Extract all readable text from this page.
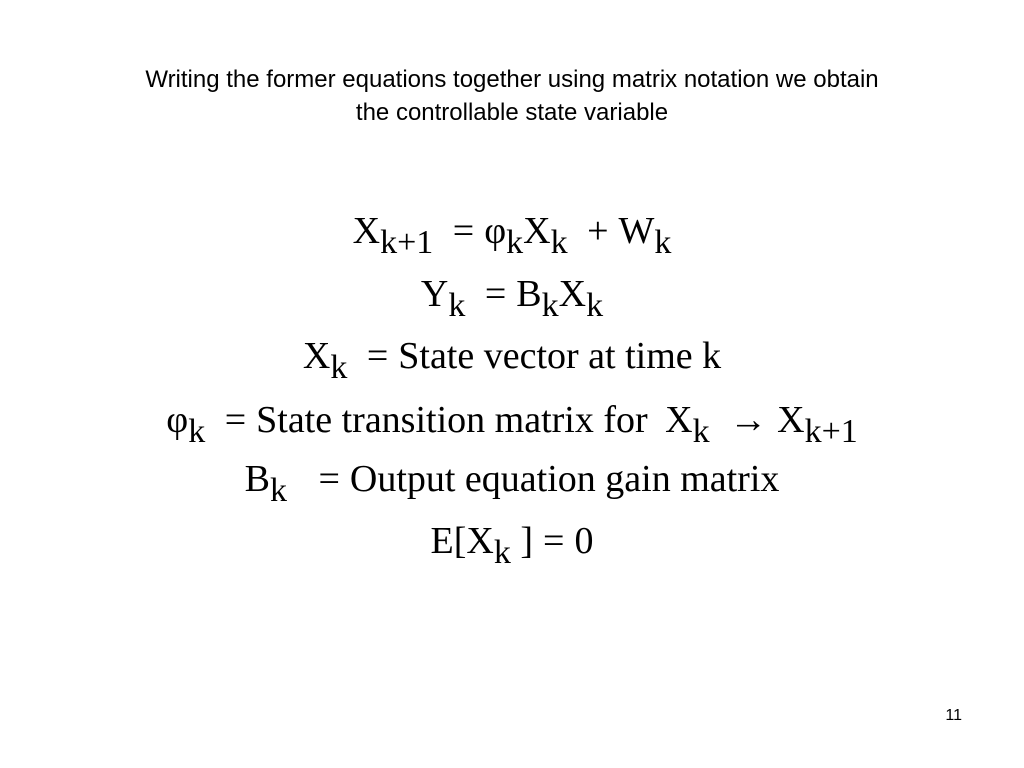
Writing the former equations together using matrix notation we obtain
the controllable state variable
Xk+1 = φkXk + Wk
Yk = BkXk
Xk = State vector at time k
φk = State transition matrix for Xk → Xk+1
Bk = Output equation gain matrix
E[Xk ] = 0
11
